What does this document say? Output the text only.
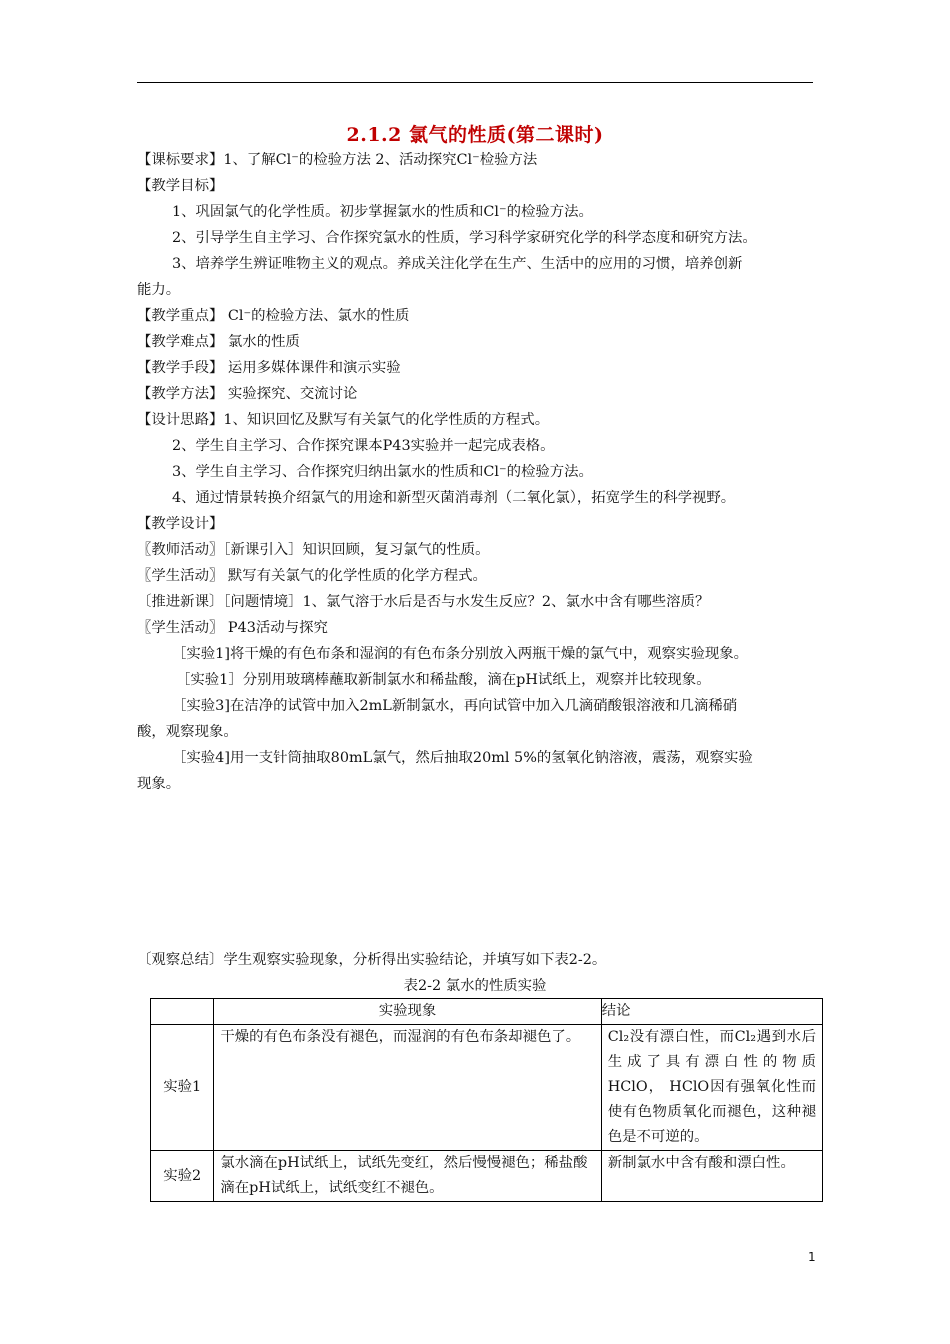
2.1.2 氯气的性质(第二课时)
【课标要求】1、了解Cl⁻的检验方法 2、活动探究Cl⁻检验方法
【教学目标】
1、巩固氯气的化学性质。初步掌握氯水的性质和Cl⁻的检验方法。
2、引导学生自主学习、合作探究氯水的性质，学习科学家研究化学的科学态度和研究方法。
3、培养学生辨证唯物主义的观点。养成关注化学在生产、生活中的应用的习惯，培养创新
能力。
【教学重点】 Cl⁻的检验方法、氯水的性质
【教学难点】 氯水的性质
【教学手段】 运用多媒体课件和演示实验
【教学方法】 实验探究、交流讨论
【设计思路】1、知识回忆及默写有关氯气的化学性质的方程式。
2、学生自主学习、合作探究课本P43实验并一起完成表格。
3、学生自主学习、合作探究归纳出氯水的性质和Cl⁻的检验方法。
4、通过情景转换介绍氯气的用途和新型灭菌消毒剂（二氧化氯），拓宽学生的科学视野。
【教学设计】
〖教师活动〗［新课引入］知识回顾，复习氯气的性质。
〖学生活动〗 默写有关氯气的化学性质的化学方程式。
〔推进新课〕［问题情境］1、氯气溶于水后是否与水发生反应？2、氯水中含有哪些溶质？
〖学生活动〗 P43活动与探究
［实验1]将干燥的有色布条和湿润的有色布条分别放入两瓶干燥的氯气中，观察实验现象。
［实验1］分别用玻璃棒蘸取新制氯水和稀盐酸，滴在pH试纸上，观察并比较现象。
［实验3]在洁净的试管中加入2mL新制氯水，再向试管中加入几滴硝酸银溶液和几滴稀硝
酸，观察现象。
［实验4]用一支针筒抽取80mL氯气，然后抽取20ml 5%的氢氧化钠溶液，震荡，观察实验
现象。
〔观察总结〕学生观察实验现象，分析得出实验结论，并填写如下表2-2。
表2-2 氯水的性质实验
	实验现象	结论
实验1	干燥的有色布条没有褪色，而湿润的有色布条却褪色了。	Cl₂没有漂白性，而Cl₂遇到水后生成了具有漂白性的物质HClO， HClO因有强氧化性而使有色物质氧化而褪色，这种褪色是不可逆的。
实验2	氯水滴在pH试纸上，试纸先变红，然后慢慢褪色；稀盐酸滴在pH试纸上，试纸变红不褪色。	新制氯水中含有酸和漂白性。
1
